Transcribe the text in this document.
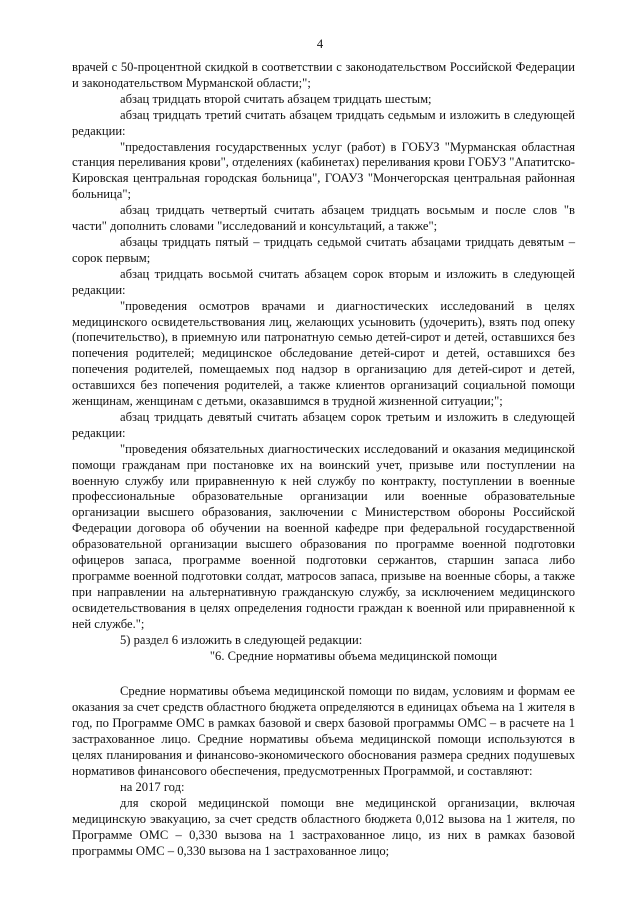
4

врачей с 50-процентной скидкой в соответствии с законодательством Российской Федерации и законодательством Мурманской области;";

абзац тридцать второй считать абзацем тридцать шестым;

абзац тридцать третий считать абзацем тридцать седьмым и изложить в следующей редакции:

"предоставления государственных услуг (работ) в ГОБУЗ "Мурманская областная станция переливания крови", отделениях (кабинетах) переливания крови ГОБУЗ "Апатитско-Кировская центральная городская больница", ГОАУЗ "Мончегорская центральная районная больница";

абзац тридцать четвертый считать абзацем тридцать восьмым и после слов "в части" дополнить словами "исследований и консультаций, а также";

абзацы тридцать пятый – тридцать седьмой считать абзацами тридцать девятым – сорок первым;

абзац тридцать восьмой считать абзацем сорок вторым и изложить в следующей редакции:

"проведения осмотров врачами и диагностических исследований в целях медицинского освидетельствования лиц, желающих усыновить (удочерить), взять под опеку (попечительство), в приемную или патронатную семью детей-сирот и детей, оставшихся без попечения родителей; медицинское обследование детей-сирот и детей, оставшихся без попечения родителей, помещаемых под надзор в организацию для детей-сирот и детей, оставшихся без попечения родителей, а также клиентов организаций социальной помощи женщинам, женщинам с детьми, оказавшимся в трудной жизненной ситуации;";

абзац тридцать девятый считать абзацем сорок третьим и изложить в следующей редакции:

"проведения обязательных диагностических исследований и оказания медицинской помощи гражданам при постановке их на воинский учет, призыве или поступлении на военную службу или приравненную к ней службу по контракту, поступлении в военные профессиональные образовательные организации или военные образовательные организации высшего образования, заключении с Министерством обороны Российской Федерации договора об обучении на военной кафедре при федеральной государственной образовательной организации высшего образования по программе военной подготовки офицеров запаса, программе военной подготовки сержантов, старшин запаса либо программе военной подготовки солдат, матросов запаса, призыве на военные сборы, а также при направлении на альтернативную гражданскую службу, за исключением медицинского освидетельствования в целях определения годности граждан к военной или приравненной к ней службе.";

5) раздел 6 изложить в следующей редакции:

"6. Средние нормативы объема медицинской помощи

Средние нормативы объема медицинской помощи по видам, условиям и формам ее оказания за счет средств областного бюджета определяются в единицах объема на 1 жителя в год, по Программе ОМС в рамках базовой и сверх базовой программы ОМС – в расчете на 1 застрахованное лицо. Средние нормативы объема медицинской помощи используются в целях планирования и финансово-экономического обоснования размера средних подушевых нормативов финансового обеспечения, предусмотренных Программой, и составляют:

на 2017 год:

для скорой медицинской помощи вне медицинской организации, включая медицинскую эвакуацию, за счет средств областного бюджета 0,012 вызова на 1 жителя, по Программе ОМС – 0,330 вызова на 1 застрахованное лицо, из них в рамках базовой программы ОМС – 0,330 вызова на 1 застрахованное лицо;
